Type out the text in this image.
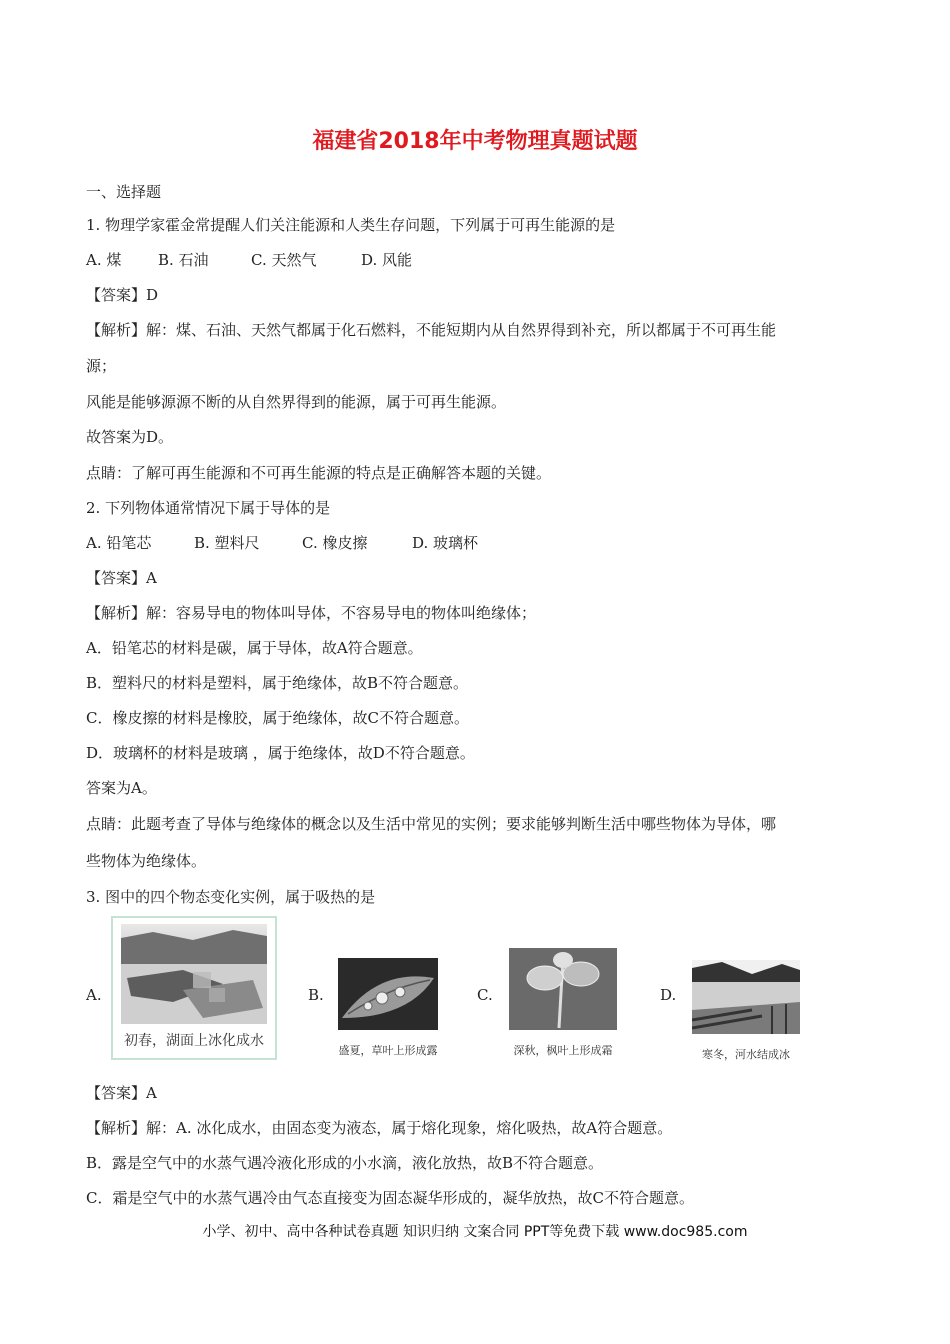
福建省2018年中考物理真题试题
一、选择题
1. 物理学家霍金常提醒人们关注能源和人类生存问题，下列属于可再生能源的是
A. 煤 B. 石油	C. 天然气	D. 风能
【答案】D
【解析】解：煤、石油、天然气都属于化石燃料，不能短期内从自然界得到补充，所以都属于不可再生能
源；
风能是能够源源不断的从自然界得到的能源，属于可再生能源。
故答案为D。
点睛：了解可再生能源和不可再生能源的特点是正确解答本题的关键。
2. 下列物体通常情况下属于导体的是
A. 铅笔芯	B. 塑料尺	C. 橡皮擦	D. 玻璃杯
【答案】A
【解析】解：容易导电的物体叫导体，不容易导电的物体叫绝缘体；
A．铅笔芯的材料是碳，属于导体，故A符合题意。
B．塑料尺的材料是塑料，属于绝缘体，故B不符合题意。
C．橡皮擦的材料是橡胶，属于绝缘体，故C不符合题意。
D．玻璃杯的材料是玻璃 ，属于绝缘体，故D不符合题意。
答案为A。
点睛：此题考查了导体与绝缘体的概念以及生活中常见的实例；要求能够判断生活中哪些物体为导体，哪
些物体为绝缘体。
3. 图中的四个物态变化实例，属于吸热的是
A.
初春，湖面上冰化成水
B.
盛夏，草叶上形成露
C.
深秋，枫叶上形成霜
D.
寒冬，河水结成冰
【答案】A
【解析】解：A. 冰化成水，由固态变为液态，属于熔化现象，熔化吸热，故A符合题意。
B．露是空气中的水蒸气遇冷液化形成的小水滴，液化放热，故B不符合题意。
C．霜是空气中的水蒸气遇冷由气态直接变为固态凝华形成的，凝华放热，故C不符合题意。
小学、初中、高中各种试卷真题 知识归纳 文案合同 PPT等免费下载 www.doc985.com
